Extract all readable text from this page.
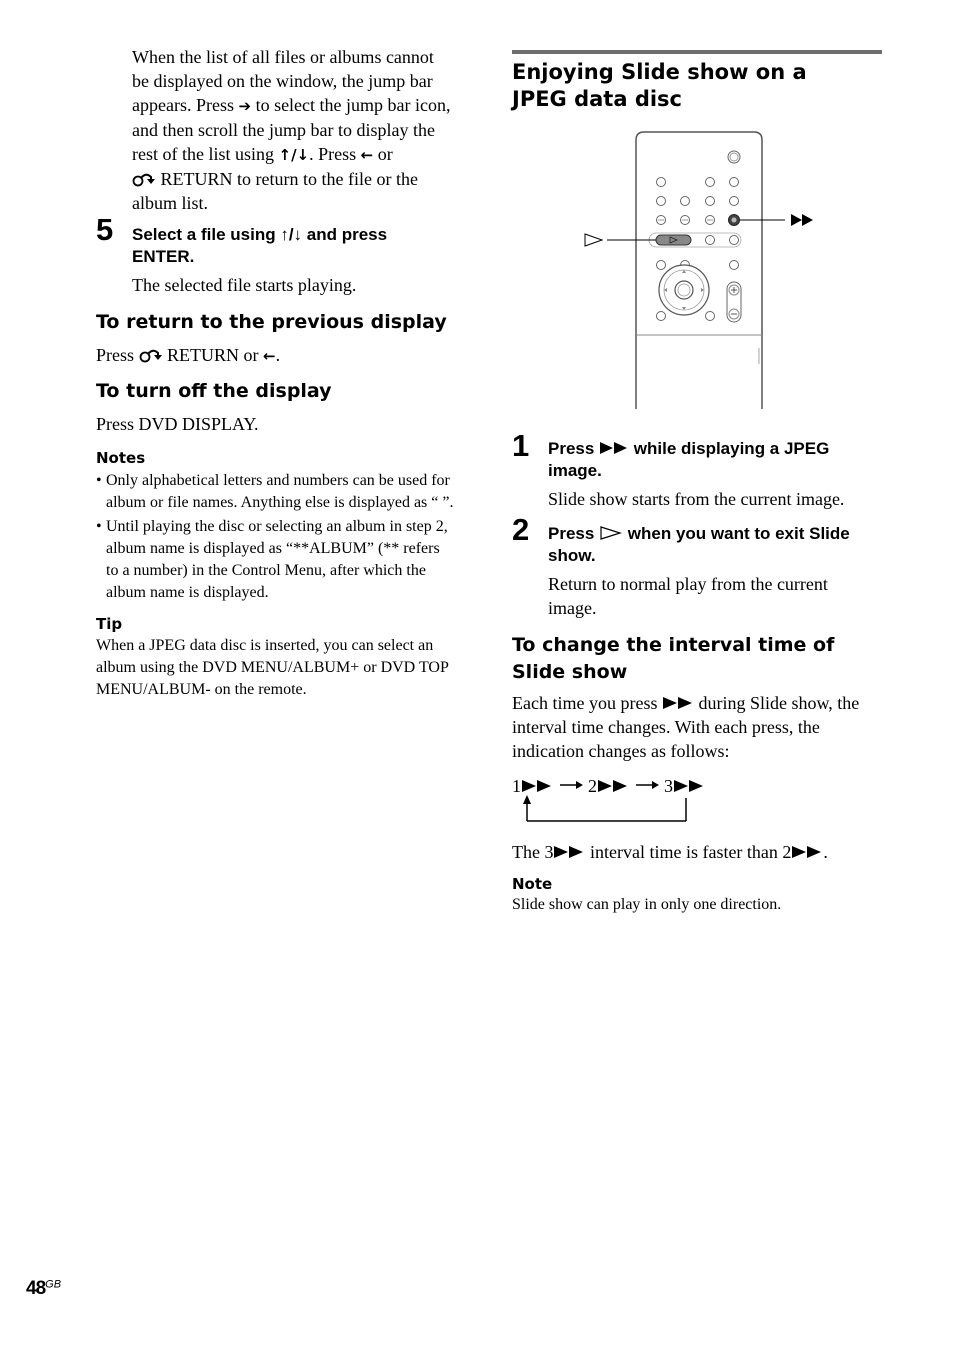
When the list of all files or albums cannot
be displayed on the window, the jump bar
appears. Press ➔ to select the jump bar icon,
and then scroll the jump bar to display the
rest of the list using ↑/↓. Press ← or
RETURN to return to the file or the
album list.
5 Select a file using ↑/↓ and press
ENTER.
The selected file starts playing.
To return to the previous display
Press  RETURN or ←.
To turn off the display
Press DVD DISPLAY.
Notes
• Only alphabetical letters and numbers can be used for
album or file names. Anything else is displayed as “ ”.
• Until playing the disc or selecting an album in step 2,
album name is displayed as “**ALBUM” (** refers
to a number) in the Control Menu, after which the
album name is displayed.
Tip
When a JPEG data disc is inserted, you can select an
album using the DVD MENU/ALBUM+ or DVD TOP
MENU/ALBUM- on the remote.
Enjoying Slide show on a
JPEG data disc
1 Press  while displaying a JPEG
image.
Slide show starts from the current image.
2 Press  when you want to exit Slide
show.
Return to normal play from the current
image.
To change the interval time of
Slide show
Each time you press  during Slide show, the
interval time changes. With each press, the
indication changes as follows:
1	2	3
The 3 interval time is faster than 2 .
Note
Slide show can play in only one direction.
$48^{GB}$
